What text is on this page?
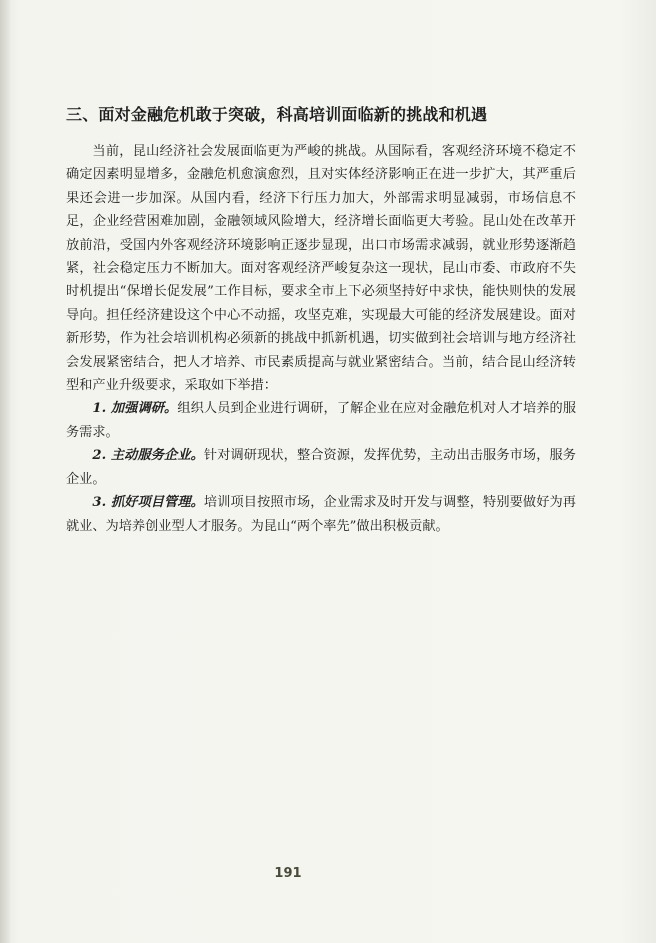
三、面对金融危机敢于突破，科高培训面临新的挑战和机遇

当前，昆山经济社会发展面临更为严峻的挑战。从国际看，客观经济环境不稳定不确定因素明显增多，金融危机愈演愈烈，且对实体经济影响正在进一步扩大，其严重后果还会进一步加深。从国内看，经济下行压力加大，外部需求明显减弱，市场信息不足，企业经营困难加剧，金融领域风险增大，经济增长面临更大考验。昆山处在改革开放前沿，受国内外客观经济环境影响正逐步显现，出口市场需求减弱，就业形势逐渐趋紧，社会稳定压力不断加大。面对客观经济严峻复杂这一现状，昆山市委、市政府不失时机提出“保增长促发展”工作目标，要求全市上下必须坚持好中求快，能快则快的发展导向。担任经济建设这个中心不动摇，攻坚克难，实现最大可能的经济发展建设。面对新形势，作为社会培训机构必须新的挑战中抓新机遇，切实做到社会培训与地方经济社会发展紧密结合，把人才培养、市民素质提高与就业紧密结合。当前，结合昆山经济转型和产业升级要求，采取如下举措：

1. 加强调研。组织人员到企业进行调研，了解企业在应对金融危机对人才培养的服务需求。

2. 主动服务企业。针对调研现状，整合资源，发挥优势，主动出击服务市场，服务企业。

3. 抓好项目管理。培训项目按照市场，企业需求及时开发与调整，特别要做好为再就业、为培养创业型人才服务。为昆山“两个率先”做出积极贡献。

191
